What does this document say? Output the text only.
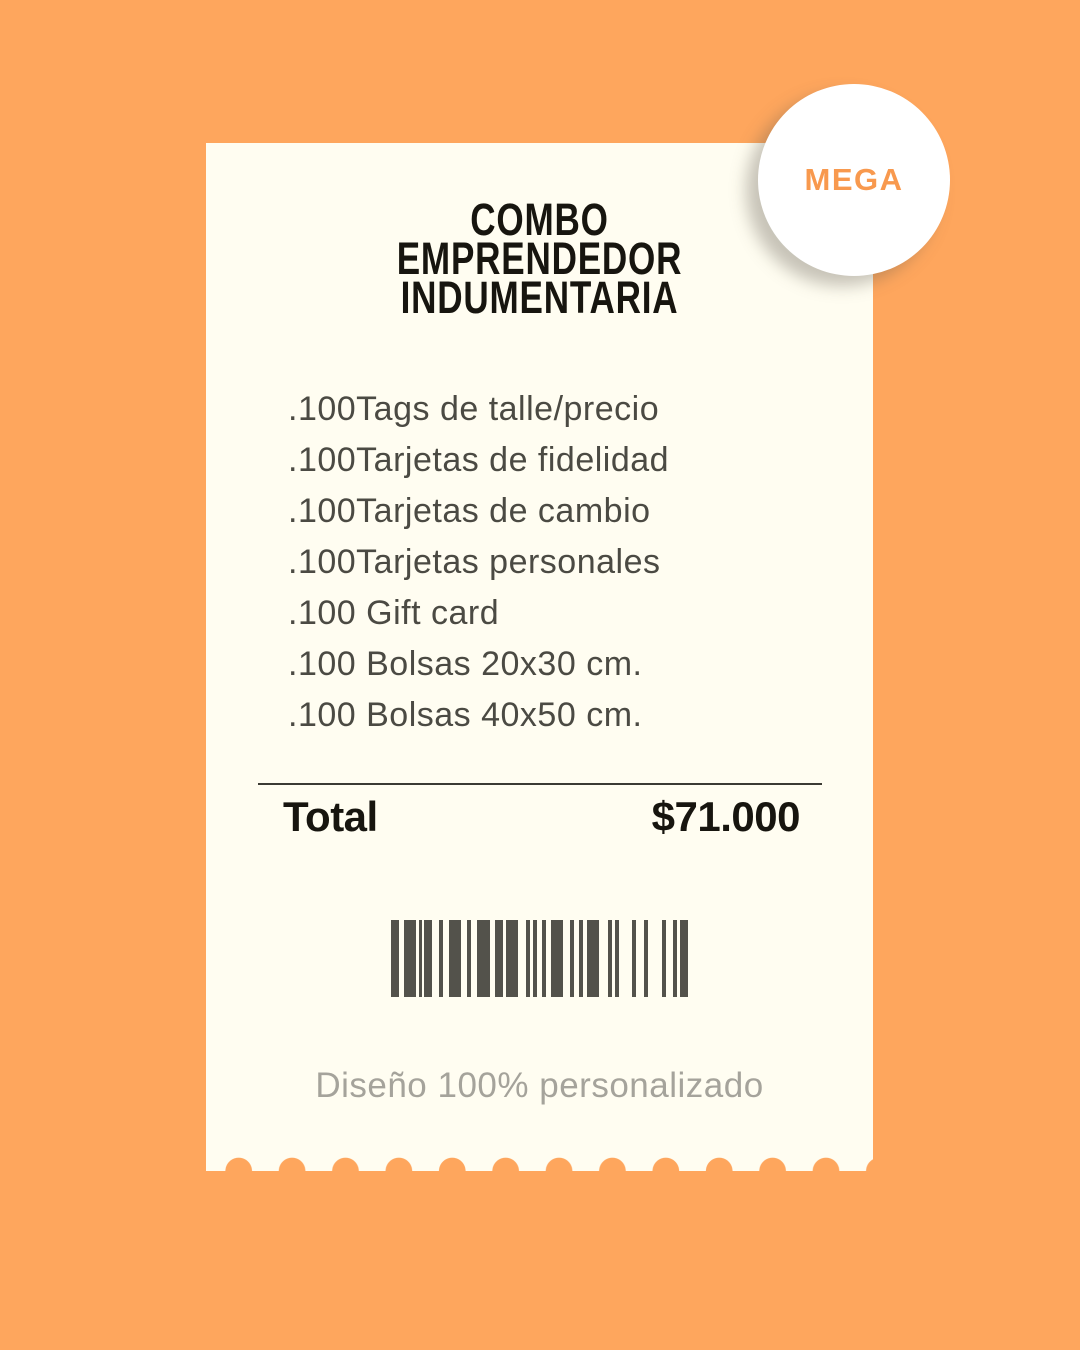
COMBO
EMPRENDEDOR
INDUMENTARIA
.100Tags de talle/precio
.100Tarjetas de fidelidad
.100Tarjetas de cambio
.100Tarjetas personales
.100 Gift card
.100 Bolsas 20x30 cm.
.100 Bolsas 40x50 cm.
Total	$71.000
Diseño 100% personalizado
MEGA
